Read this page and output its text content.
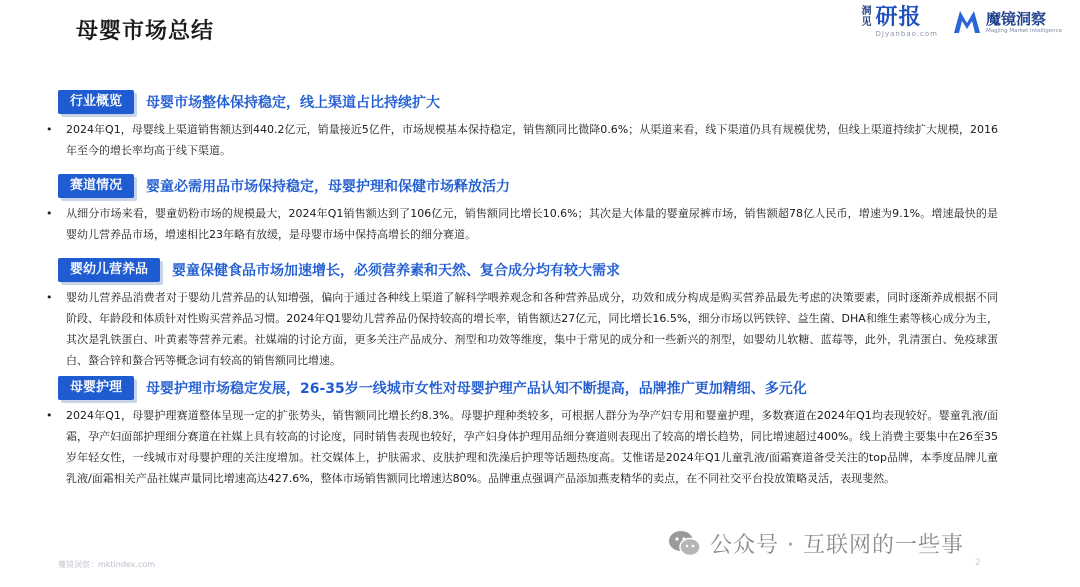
母婴市场总结
洞见 研报
DJyanbao.com
魔镜洞察
Magjing Market Intelligence
行业概览	母婴市场整体保持稳定，线上渠道占比持续扩大
•	2024年Q1，母婴线上渠道销售额达到440.2亿元，销量接近5亿件，市场规模基本保持稳定，销售额同比微降0.6%；从渠道来看，线下渠道仍具有规模优势，但线上渠道持续扩大规模，2016年至今的增长率均高于线下渠道。
赛道情况	婴童必需用品市场保持稳定，母婴护理和保健市场释放活力
•	从细分市场来看，婴童奶粉市场的规模最大，2024年Q1销售额达到了106亿元，销售额同比增长10.6%；其次是大体量的婴童尿裤市场，销售额超78亿人民币，增速为9.1%。增速最快的是婴幼儿营养品市场，增速相比23年略有放缓，是母婴市场中保持高增长的细分赛道。
婴幼儿营养品	婴童保健食品市场加速增长，必须营养素和天然、复合成分均有较大需求
•	婴幼儿营养品消费者对于婴幼儿营养品的认知增强，偏向于通过各种线上渠道了解科学喂养观念和各种营养品成分，功效和成分构成是购买营养品最先考虑的决策要素，同时逐渐养成根据不同阶段、年龄段和体质针对性购买营养品习惯。2024年Q1婴幼儿营养品仍保持较高的增长率，销售额达27亿元，同比增长16.5%，细分市场以钙铁锌、益生菌、DHA和维生素等核心成分为主，其次是乳铁蛋白、叶黄素等营养元素。社媒端的讨论方面，更多关注产品成分、剂型和功效等维度，集中于常见的成分和一些新兴的剂型，如婴幼儿软糖、蓝莓等，此外，乳清蛋白、免疫球蛋白、螯合锌和螯合钙等概念词有较高的销售额同比增速。
母婴护理	母婴护理市场稳定发展，26-35岁一线城市女性对母婴护理产品认知不断提高，品牌推广更加精细、多元化
•	2024年Q1，母婴护理赛道整体呈现一定的扩张势头，销售额同比增长约8.3%。母婴护理种类较多，可根据人群分为孕产妇专用和婴童护理，多数赛道在2024年Q1均表现较好。婴童乳液/面霜，孕产妇面部护理细分赛道在社媒上具有较高的讨论度，同时销售表现也较好，孕产妇身体护理用品细分赛道则表现出了较高的增长趋势，同比增速超过400%。线上消费主要集中在26至35岁年轻女性，一线城市对母婴护理的关注度增加。社交媒体上，护肤需求、皮肤护理和洗澡后护理等话题热度高。艾惟诺是2024年Q1儿童乳液/面霜赛道备受关注的top品牌，本季度品牌儿童乳液/面霜相关产品社媒声量同比增速高达427.6%，整体市场销售额同比增速达80%。品牌重点强调产品添加燕麦精华的卖点，在不同社交平台投放策略灵活，表现斐然。
魔镜洞察：mktindex.com	2
公众号 · 互联网的一些事
